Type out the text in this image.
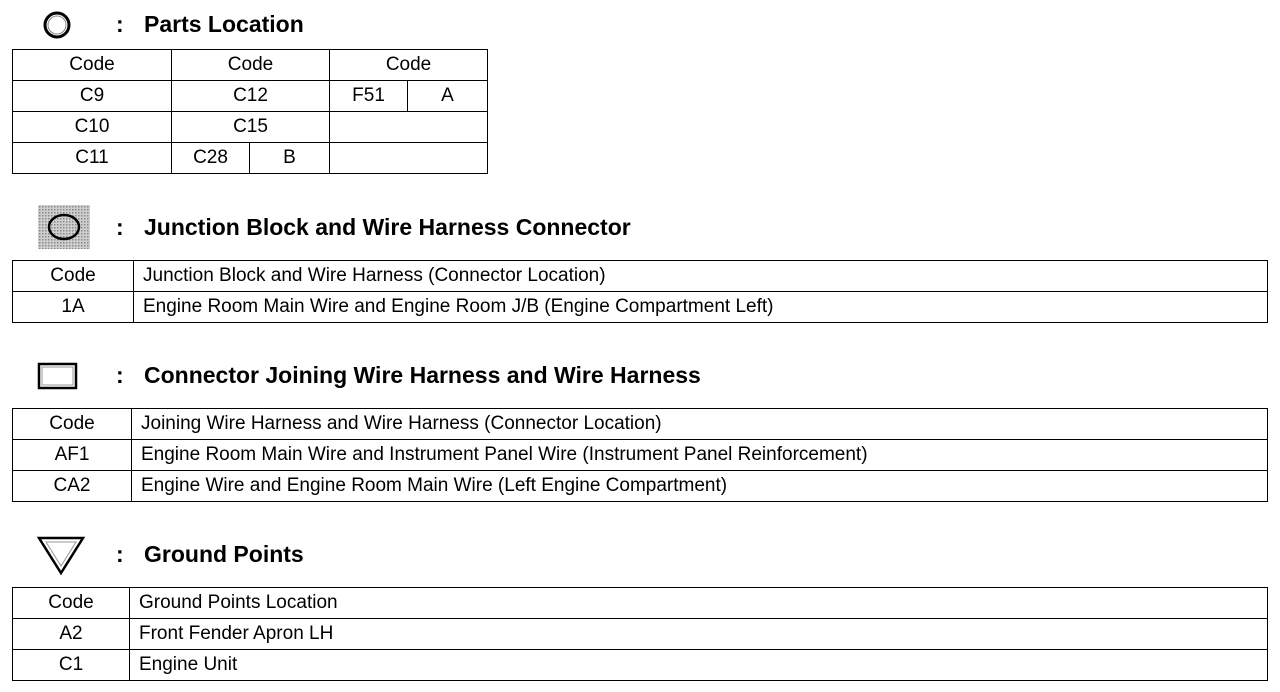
: Parts Location
Code	Code		Code	
C9	C12		F51	A
C10	C15			
C11	C28	B		
: Junction Block and Wire Harness Connector
Code	Junction Block and Wire Harness (Connector Location)
1A	Engine Room Main Wire and Engine Room J/B (Engine Compartment Left)
: Connector Joining Wire Harness and Wire Harness
Code	Joining Wire Harness and Wire Harness (Connector Location)
AF1	Engine Room Main Wire and Instrument Panel Wire (Instrument Panel Reinforcement)
CA2	Engine Wire and Engine Room Main Wire (Left Engine Compartment)
: Ground Points
Code	Ground Points Location
A2	Front Fender Apron LH
C1	Engine Unit
